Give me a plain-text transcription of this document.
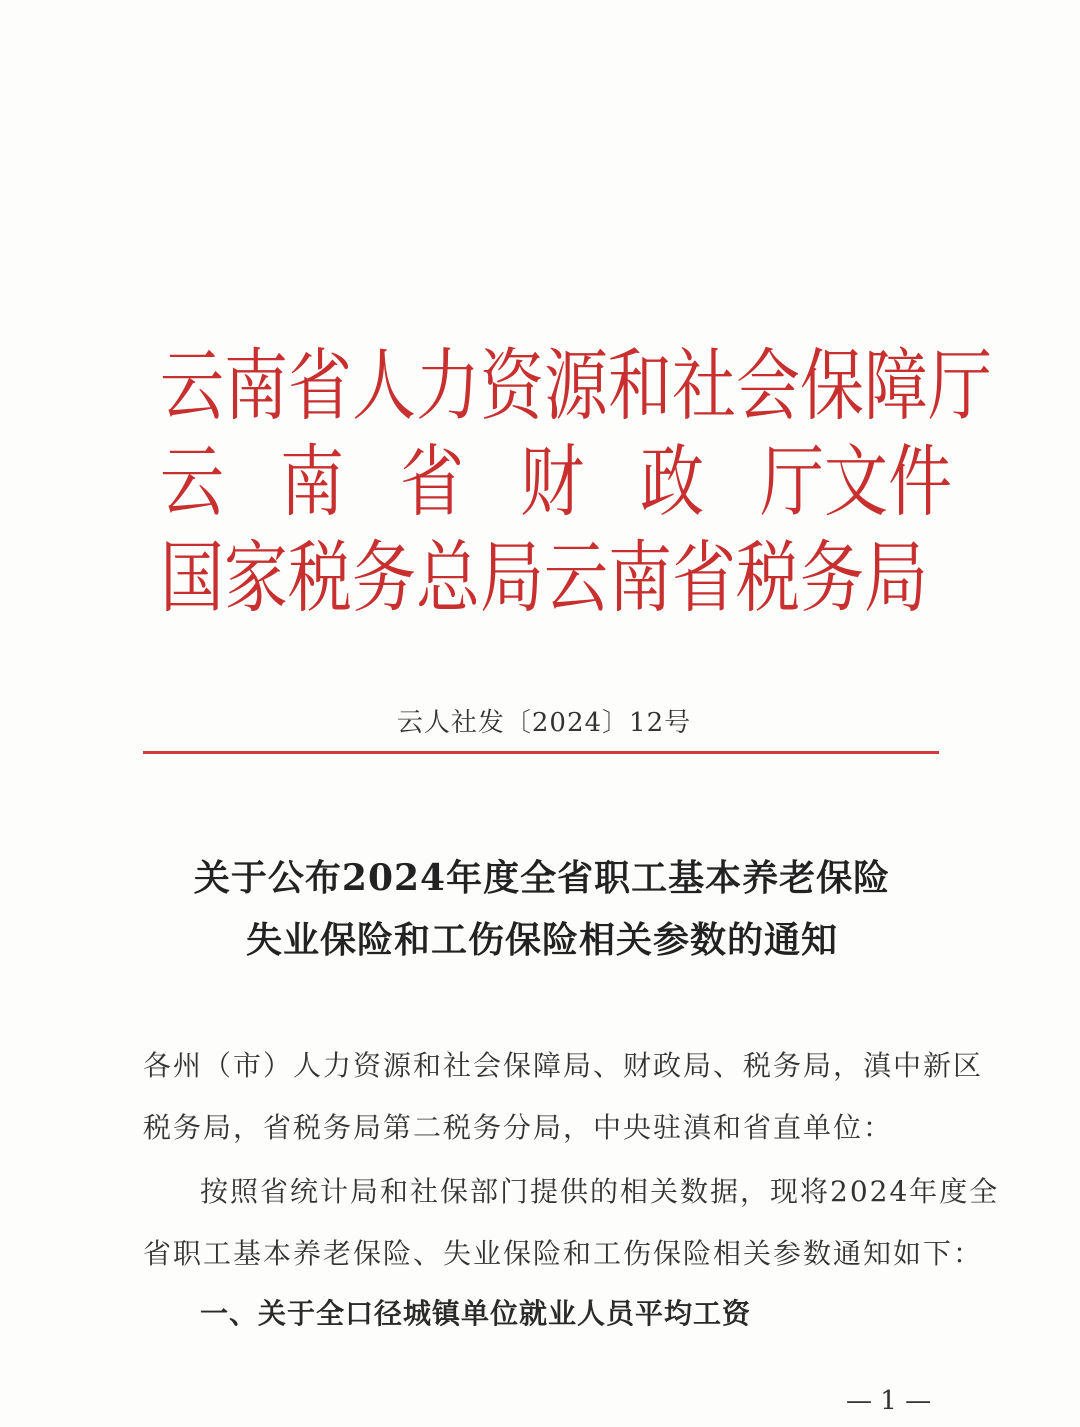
云南省人力资源和社会保障厅
云 南 省 财 政 厅文件
国家税务总局云南省税务局
云人社发〔2024〕12号
关于公布2024年度全省职工基本养老保险
失业保险和工伤保险相关参数的通知
各州（市）人力资源和社会保障局、财政局、税务局，滇中新区
税务局，省税务局第二税务分局，中央驻滇和省直单位：
按照省统计局和社保部门提供的相关数据，现将2024年度全
省职工基本养老保险、失业保险和工伤保险相关参数通知如下：
一、关于全口径城镇单位就业人员平均工资
— 1 —
